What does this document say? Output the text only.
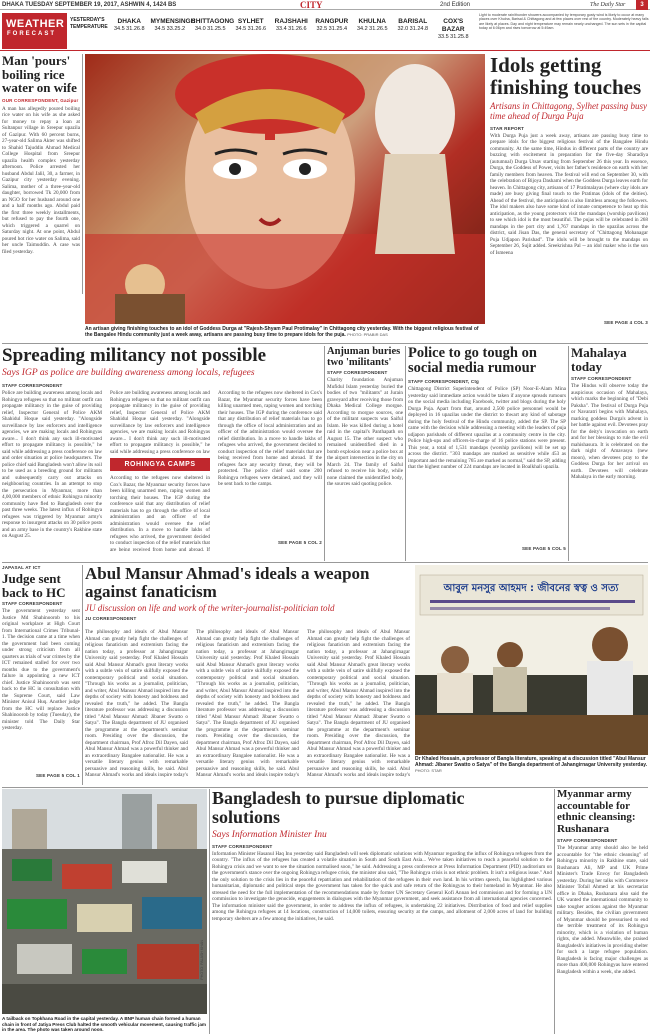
DHAKA TUESDAY SEPTEMBER 19, 2017, ASHWIN 4, 1424 BS	CITY	2nd Edition	The Daily Star	3
WEATHER
FORECAST
YESTERDAY'S TEMPERATURE
DHAKA
34.5 31.26.8
MYMENSINGH
34.5 33.25.2
CHITTAGONG
34.0 31.25.5
SYLHET
34.5 31.26.6
RAJSHAHI
33.4 31.26.6
RANGPUR
32.5 31.25.4
KHULNA
34.2 31.26.5
BARISAL
32.0 31.24.8
COX'S BAZAR
33.5 31.25.8
Light to moderate rain/thunder showers accompanied by temporary gusty wind is likely to occur at many places over Khulna, Barisal & Chittagong and at few places over rest of the country. Moderately heavy falls are likely at places. Day and night temperature may remain nearly unchanged. The sun sets in the capital today at 6:06pm and rises tomorrow at 5:49am.
Man 'pours' boiling rice water on wife
OUR CORRESPONDENT, Gazipur
A man has allegedly poured boiling rice water on his wife as she asked for money to repay a loan at Sultanpur village in Sreepur upazila of Gazipur. With 60 percent burns, 27-year-old Salima Akter was shifted to Shahid Tajuddin Ahmad Medical College Hospital from Sreepur upazila health complex yesterday afternoon. Police arrested her husband Abdul Jalil, 30, a farmer, in Gazipur city yesterday evening. Salima, mother of a three-year-old daughter, borrowed Tk 20,000 from an NGO for her husband around one and a half months ago. Abdul paid the first three weekly installments, but refused to pay the fourth one, which triggered a quarrel on Saturday night. At one point, Abdul poured hot rice water on Salima, said her uncle Taimuddin. A case was filed yesterday.
An artisan giving finishing touches to an idol of Goddess Durga at "Rajesh-Shyam Paul Protimalay" in Chittagong city yesterday. With the biggest religious festival of the Bangalee Hindu community just a week away, artisans are passing busy time to prepare idols for the puja. PHOTO: PRABIR DAS
Idols getting finishing touches
Artisans in Chittagong, Sylhet passing busy time ahead of Durga Puja
STAR REPORT
With Durga Puja just a week away, artisans are passing busy time to prepare idols for the biggest religious festival of the Bangalee Hindu community. At the same time, Hindus in different parts of the country are buzzing with excitement in preparation for the five-day Sharadiya (autumnal) Durga Utsav starting from September 26 this year. In essence, Durga, the Goddess of Power, visits her father's residence on earth with her family members from heaven. The festival will end on September 30, with the celebration of Bijoya Dashami when the Goddess Durga leaves earth for heaven. In Chittagong city, artisans of 17 Pratimalayas (where clay idols are made) are busy giving final touch to the Pratimas (idols of the deities). Ahead of the festival, the anticipation is also limitless among the followers. The idol makers also have some kind of innate competence to heat up this anticipation, as the young protectors visit the mandaps (worship pavilions) to see which idol is the most beautiful. The pujas will be celebrated in 268 mandaps in the port city and 1,767 mandaps in the upazilas across the district, said Jisan Das, the general secretary of "Chittagong Mohanagar Puja Udjapon Parishad". The idols will be brought to the mandaps on September 26, Sujit added. Sreekrishna Pal -- an idol maker who is the son of Ismeena
SEE PAGE 4 COL 3
Spreading militancy not possible
Says IGP as police are building awareness among locals, refugees
STAFF CORRESPONDENT
Police are building awareness among locals and Rohingya refugees so that no militant outfit can propagate militancy in the guise of providing relief, Inspector General of Police AKM Shahidul Hoque said yesterday. "Alongside surveillance by law enforcers and intelligence agencies, we are making locals and Rohingyas aware... I don't think any such ill-motivated effort to propagate militancy is possible," he said while addressing a press conference on law and order situation at police headquarters. The police chief said Bangladesh won't allow its soil to be used as a breeding ground for militants and subsequently carry out attacks on neighbouring countries. In an attempt to stop the persecution in Myanmar, more than 4,00,000 members of ethnic Rohingya minority community have fled to Bangladesh over the past three weeks. The latest influx of Rohingya refugees was triggered by Myanmar army's response to insurgent attacks on 30 police posts and an army base in the country's Rakhine state on August 25.
Police are building awareness among locals and Rohingya refugees so that no militant outfit can propagate militancy in the guise of providing relief, Inspector General of Police AKM Shahidul Hoque said yesterday. "Alongside surveillance by law enforcers and intelligence agencies, we are making locals and Rohingyas aware... I don't think any such ill-motivated effort to propagate militancy is possible," he said while addressing a press conference on law
ROHINGYA CAMPS
According to the refugees now sheltered in Cox's Bazar, the Myanmar security forces have been killing unarmed men, raping women and torching their houses. The IGP during the conference said that any distribution of relief materials has to go through the office of local administration and an officer of the administration would oversee the relief distribution. In a move to handle lakhs of refugees who arrived, the government decided to conduct inspection of the relief materials that are being received from home and abroad. If
According to the refugees now sheltered in Cox's Bazar, the Myanmar security forces have been killing unarmed men, raping women and torching their houses. The IGP during the conference said that any distribution of relief materials has to go through the office of local administration and an officer of the administration would oversee the relief distribution. In a move to handle lakhs of refugees who arrived, the government decided to conduct inspection of the relief materials that are being received from home and abroad. If the refugees face any security threat, they will be protected. The police chief said some 200 Rohingya refugees were detained, and they will be sent back to the camps.
SEE PAGE 5 COL 2
Anjuman buries two 'militants'
STAFF CORRESPONDENT
Charity foundation Anjuman Mufidul Islam yesterday buried the bodies of two "militants" at Jurain graveyard after receiving those from Dhaka Medical College morgue. According to morgue sources, one of the militant suspects was Saiful Islam. He was killed during a hotel raid in the capital's Panthapath on August 15. The other suspect who remained unidentified died in a bomb explosion near a police box at the airport intersection in the city on March 24. The family of Saiful refused to receive his body, while none claimed the unidentified body, the sources said quoting police.
Police to go tough on social media rumour
STAFF CORRESPONDENT, Ctg
Chittagong District Superintendent of Police (SP) Noor-E-Alam Mina yesterday said immediate action would be taken if anyone spreads rumours on the social media including Facebook, twitter and blogs during the holy Durga Puja. Apart from that, around 2,500 police personnel would be deployed in 16 upazilas under the district to thwart any kind of sabotage during the holy festival of the Hindu community, added the SP. The SP came with the decision while addressing a meeting with the leaders of puja udjapon parishads of different upazilas at a community centre in the city. Police high-ups and officers-in-charge of 16 police stations were present. This year, a total of 1,531 mandaps (worship pavilions) will be set up across the district. "303 mandaps are marked as sensitive while 453 as important and the remaining 765 are marked as normal," said the SP, adding that the highest number of 224 mandaps are located in Boalkhali upazila.
SEE PAGE 5 COL 5
Mahalaya today
STAFF CORRESPONDENT
The Hindus will observe today the auspicious occasion of Mahalaya, which marks the beginning of "Debi Paksha". The festival of Durga Puja or Navaratri begins with Mahalaya, marking goddess Durga's advent in her battle against evil. Devotees pray for the deity's invocation on earth and for her blessings to rule the evil mahishasura. It is celebrated on the dark night of Amavasya (new moon), when devotees pray to the Goddess Durga for her arrival on earth. Devotees will celebrate Mahalaya in the early morning.
JAPASAL AT ICT
Judge sent back to HC
STAFF CORRESPONDENT
The government yesterday sent Justice Md Shahinoorob to his original workplace at High Court from International Crimes Tribunal-1. The decision came at a time when the government had been coming under strong criticism from all quarters as trials of war crimes by the ICT remained stalled for over two months due to the government's failure in appointing a new ICT chief. Justice Shahinoorob was sent back to the HC in consultation with the Supreme Court, said Law Minister Anisul Huq. Another judge from the HC will replace Justice Shahinoorob by today (Tuesday), the minister told The Daily Star yesterday.
SEE PAGE 5 COL 1
Abul Mansur Ahmad's ideals a weapon against fanaticism
JU discussion on life and work of the writer-journalist-politician told
JU CORRESPONDENT
The philosophy and ideals of Abul Mansur Ahmad can greatly help fight the challenges of religious fanaticism and extremism facing the nation today, a professor at Jahangirnagar University said yesterday. Prof Khaled Hossain said Abul Mansur Ahmad's great literary works with a subtle vein of satire skilfully exposed the contemporary political and social situation. "Through his works as a journalist, politician, and writer, Abul Mansur Ahmad inspired into the depths of society with honesty and boldness and revealed the truth," he added. The Bangla literature professor was addressing a discussion titled "Abul Mansur Ahmad: Jibaner Swatto o Satya". The Bangla department of JU organised the programme at the department's seminar room. Presiding over the discussion, the department chairman, Prof Afroz Dil Dayen, said Abul Mansur Ahmad was a powerful thinker and an extraordinary Bangalee nationalist. He was a versatile literary genius with remarkable persuasive and reasoning skills, he said. Abul Mansur Ahmad's works and ideals inspire today's
The philosophy and ideals of Abul Mansur Ahmad can greatly help fight the challenges of religious fanaticism and extremism facing the nation today, a professor at Jahangirnagar University said yesterday. Prof Khaled Hossain said Abul Mansur Ahmad's great literary works with a subtle vein of satire skilfully exposed the contemporary political and social situation. "Through his works as a journalist, politician, and writer, Abul Mansur Ahmad inspired into the depths of society with honesty and boldness and revealed the truth," he added. The Bangla literature professor was addressing a discussion titled "Abul Mansur Ahmad: Jibaner Swatto o Satya". The Bangla department of JU organised the programme at the department's seminar room. Presiding over the discussion, the department chairman, Prof Afroz Dil Dayen, said Abul Mansur Ahmad was a powerful thinker and an extraordinary Bangalee nationalist. He was a versatile literary genius with remarkable persuasive and reasoning skills, he said. Abul Mansur Ahmad's works and ideals inspire today's
The philosophy and ideals of Abul Mansur Ahmad can greatly help fight the challenges of religious fanaticism and extremism facing the nation today, a professor at Jahangirnagar University said yesterday. Prof Khaled Hossain said Abul Mansur Ahmad's great literary works with a subtle vein of satire skilfully exposed the contemporary political and social situation. "Through his works as a journalist, politician, and writer, Abul Mansur Ahmad inspired into the depths of society with honesty and boldness and revealed the truth," he added. The Bangla literature professor was addressing a discussion titled "Abul Mansur Ahmad: Jibaner Swatto o Satya". The Bangla department of JU organised the programme at the department's seminar room. Presiding over the discussion, the department chairman, Prof Afroz Dil Dayen, said Abul Mansur Ahmad was a powerful thinker and an extraordinary Bangalee nationalist. He was a versatile literary genius with remarkable persuasive and reasoning skills, he said. Abul Mansur Ahmad's works and ideals inspire today's
আবুল মনসুর আহমদ : জীবনের স্বত্ব ও সত্য
Dr Khaled Hossain, a professor of Bangla literature, speaking at a discussion titled "Abul Mansur Ahmad: Jibaner Swatto o Satya" of the Bangla department of Jahangirnagar University yesterday. PHOTO: STAR
A tailback on Topkhana Road in the capital yesterday. A BNP human chain formed a human chain in front of Jatiya Press Club halted the smooth vehicular movement, causing traffic jam in the area. The photo was taken around noon.
PHOTO: PALASH KHAN
Bangladesh to pursue diplomatic solutions
Says Information Minister Inu
STAFF CORRESPONDENT
Information Minister Hasanul Haq Inu yesterday said Bangladesh will seek diplomatic solutions with Myanmar regarding the influx of Rohingya refugees from the country. "The influx of the refugees has created a volatile situation in South and South East Asia... We've taken initiatives to reach a peaceful solution to the Rohingya crisis and we want to see the situation normalised soon," he said. Addressing a press conference at Press Information Department (PID) auditorium on the government's stance over the ongoing Rohingya refugee crisis, the minister also said, "The Rohingya crisis is not ethnic problem. It isn't a religious issue." And the only solution to the crisis lies in the peaceful repatriation and rehabilitation of the refugees in their own land. In his written speech, Inu highlighted various humanitarian, diplomatic and political steps the government has taken for the quick and safe return of the Rohingyas to their homeland in Myanmar. He also stressed the need for the full implementation of the recommendations made by former UN Secretary General Kofi Annan led commission and for forming a UN commission to investigate the genocide, engagements in dialogues with the Myanmar government, and seek assistance from all international agencies concerned. The information minister said the government, in order to address the influx of refugees, is undertaking 22 initiatives. Distribution of food and relief supplies among the Rohingya refugees at 14 locations, construction of 14,000 toilets, ensuring security at the camps, and allotment of 2,000 acres of land for building temporary shelters are a few among the initiatives, he said.
Myanmar army accountable for ethnic cleansing: Rushanara
STAFF CORRESPONDENT
The Myanmar army should also be held accountable for "the ethnic cleansing" of Rohingya minority in Rakhine state, said Rushanara Ali, MP and UK Prime Minister's Trade Envoy for Bangladesh yesterday. During her talks with Commerce Minister Tofail Ahmed at his secretariat office in Dhaka, Rushanara also said the UK wanted the international community to take tougher actions against the Myanmar military. Besides, the civilian government of Myanmar should be pressurised to end the terrible treatment of its Rohingya minority, which is a violation of human rights, she added. Meanwhile, she praised Bangladesh's initiatives in providing shelter for such a large refugee population. Bangladesh is facing major challenges as more than 400,000 Rohingyas have entered Bangladesh within a week, she added.
